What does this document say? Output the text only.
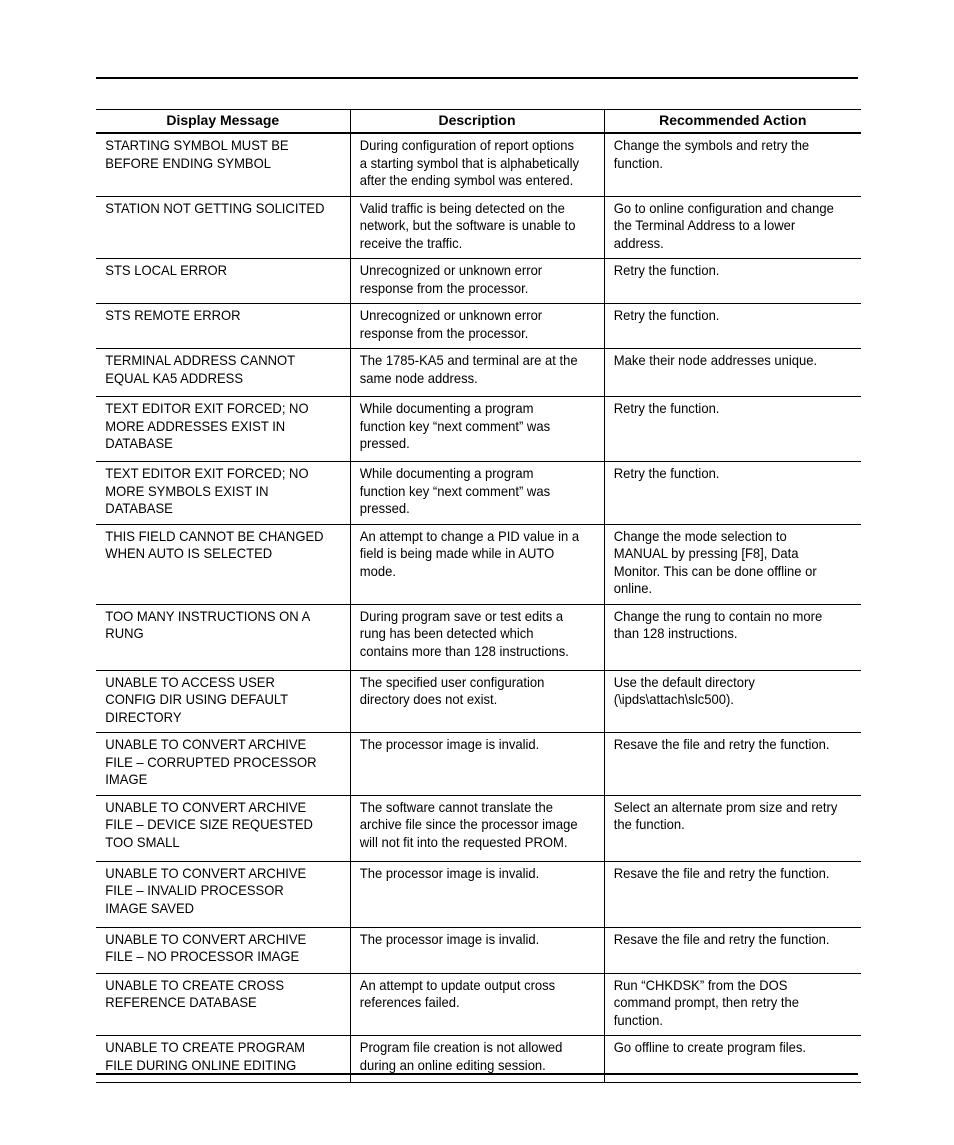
Display Message	Description	Recommended Action
STARTING SYMBOL MUST BE BEFORE ENDING SYMBOL	During configuration of report options a starting symbol that is alphabetically after the ending symbol was entered.	Change the symbols and retry the function.
STATION NOT GETTING SOLICITED	Valid traffic is being detected on the network, but the software is unable to receive the traffic.	Go to online configuration and change the Terminal Address to a lower address.
STS LOCAL ERROR	Unrecognized or unknown error response from the processor.	Retry the function.
STS REMOTE ERROR	Unrecognized or unknown error response from the processor.	Retry the function.
TERMINAL ADDRESS CANNOT EQUAL KA5 ADDRESS	The 1785-KA5 and terminal are at the same node address.	Make their node addresses unique.
TEXT EDITOR EXIT FORCED; NO MORE ADDRESSES EXIST IN DATABASE	While documenting a program function key “next comment” was pressed.	Retry the function.
TEXT EDITOR EXIT FORCED; NO MORE SYMBOLS EXIST IN DATABASE	While documenting a program function key “next comment” was pressed.	Retry the function.
THIS FIELD CANNOT BE CHANGED WHEN AUTO IS SELECTED	An attempt to change a PID value in a field is being made while in AUTO mode.	Change the mode selection to MANUAL by pressing [F8], Data Monitor. This can be done offline or online.
TOO MANY INSTRUCTIONS ON A RUNG	During program save or test edits a rung has been detected which contains more than 128 instructions.	Change the rung to contain no more than 128 instructions.
UNABLE TO ACCESS USER CONFIG DIR USING DEFAULT DIRECTORY	The specified user configuration directory does not exist.	Use the default directory (\ipds\attach\slc500).
UNABLE TO CONVERT ARCHIVE FILE – CORRUPTED PROCESSOR IMAGE	The processor image is invalid.	Resave the file and retry the function.
UNABLE TO CONVERT ARCHIVE FILE – DEVICE SIZE REQUESTED TOO SMALL	The software cannot translate the archive file since the processor image will not fit into the requested PROM.	Select an alternate prom size and retry the function.
UNABLE TO CONVERT ARCHIVE FILE – INVALID PROCESSOR IMAGE SAVED	The processor image is invalid.	Resave the file and retry the function.
UNABLE TO CONVERT ARCHIVE FILE – NO PROCESSOR IMAGE	The processor image is invalid.	Resave the file and retry the function.
UNABLE TO CREATE CROSS REFERENCE DATABASE	An attempt to update output cross references failed.	Run “CHKDSK” from the DOS command prompt, then retry the function.
UNABLE TO CREATE PROGRAM FILE DURING ONLINE EDITING	Program file creation is not allowed during an online editing session.	Go offline to create program files.
